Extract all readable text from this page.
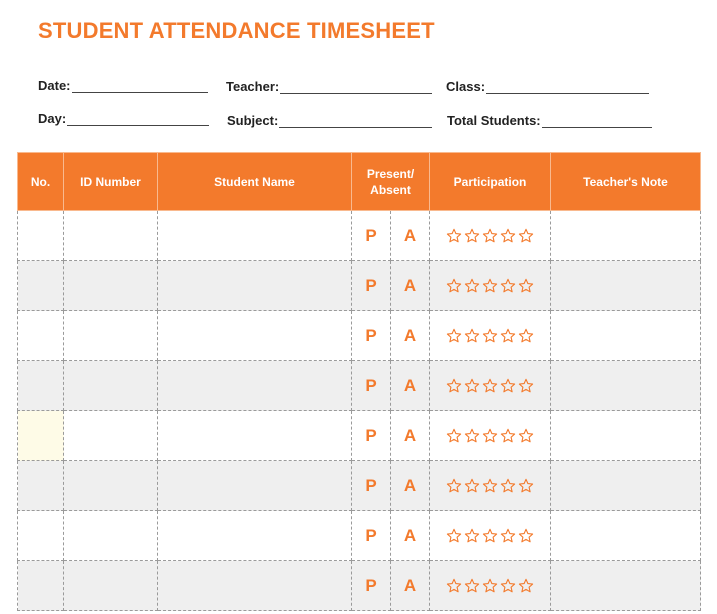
STUDENT ATTENDANCE TIMESHEET
Date:	Teacher:	Class:
Day:	Subject:	Total Students:
No.	ID Number	Student Name	Present/ Absent		Participation	Teacher's Note
			P	A	

			P	A	

			P	A	

			P	A	

			P	A	

			P	A	

			P	A	

			P	A	
